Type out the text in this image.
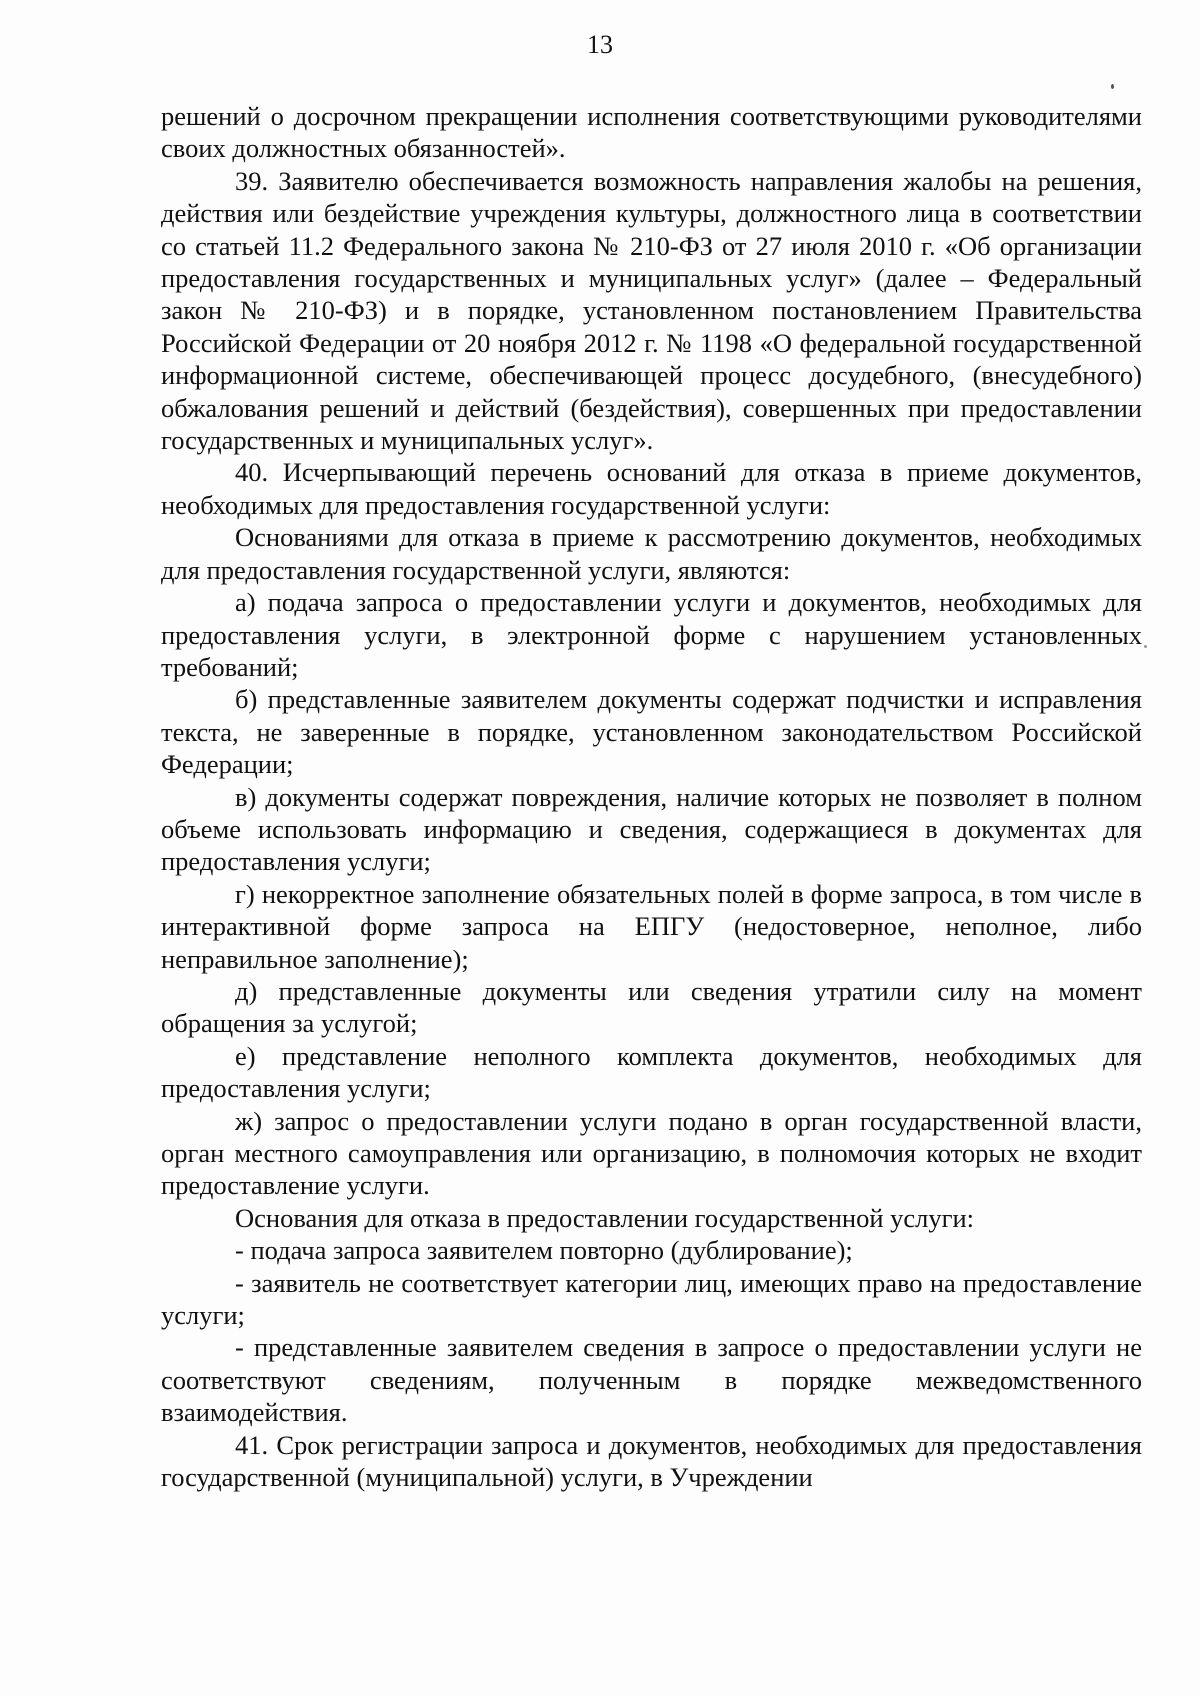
13

решений о досрочном прекращении исполнения соответствующими руководителями своих должностных обязанностей».

39. Заявителю обеспечивается возможность направления жалобы на решения, действия или бездействие учреждения культуры, должностного лица в соответствии со статьей 11.2 Федерального закона № 210-ФЗ от 27 июля 2010 г. «Об организации предоставления государственных и муниципальных услуг» (далее – Федеральный закон № 210-ФЗ) и в порядке, установленном постановлением Правительства Российской Федерации от 20 ноября 2012 г. № 1198 «О федеральной государственной информационной системе, обеспечивающей процесс досудебного, (внесудебного) обжалования решений и действий (бездействия), совершенных при предоставлении государственных и муниципальных услуг».

40. Исчерпывающий перечень оснований для отказа в приеме документов, необходимых для предоставления государственной услуги:

Основаниями для отказа в приеме к рассмотрению документов, необходимых для предоставления государственной услуги, являются:

а) подача запроса о предоставлении услуги и документов, необходимых для предоставления услуги, в электронной форме с нарушением установленных требований;

б) представленные заявителем документы содержат подчистки и исправления текста, не заверенные в порядке, установленном законодательством Российской Федерации;

в) документы содержат повреждения, наличие которых не позволяет в полном объеме использовать информацию и сведения, содержащиеся в документах для предоставления услуги;

г) некорректное заполнение обязательных полей в форме запроса, в том числе в интерактивной форме запроса на ЕПГУ (недостоверное, неполное, либо неправильное заполнение);

д) представленные документы или сведения утратили силу на момент обращения за услугой;

е) представление неполного комплекта документов, необходимых для предоставления услуги;

ж) запрос о предоставлении услуги подано в орган государственной власти, орган местного самоуправления или организацию, в полномочия которых не входит предоставление услуги.

Основания для отказа в предоставлении государственной услуги:

- подача запроса заявителем повторно (дублирование);

- заявитель не соответствует категории лиц, имеющих право на предоставление услуги;

- представленные заявителем сведения в запросе о предоставлении услуги не соответствуют сведениям, полученным в порядке межведомственного взаимодействия.

41. Срок регистрации запроса и документов, необходимых для предоставления государственной (муниципальной) услуги, в Учреждении
